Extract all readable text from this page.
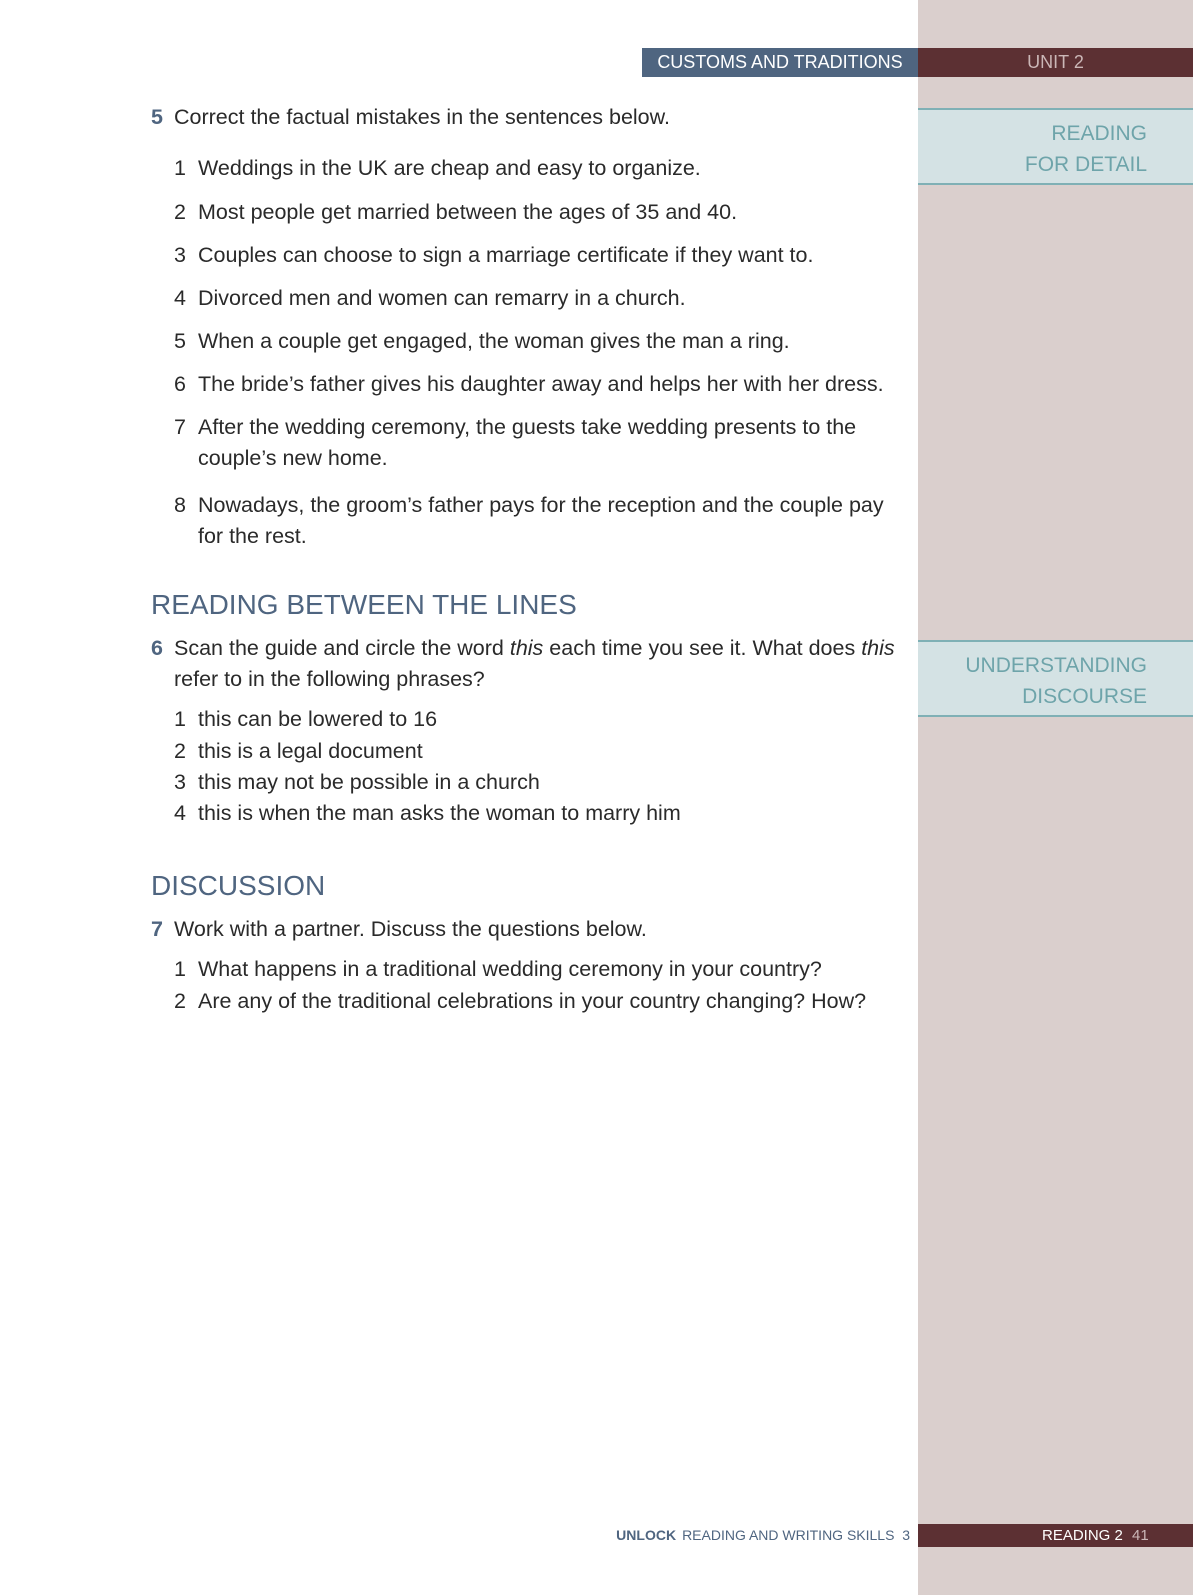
CUSTOMS AND TRADITIONS	UNIT 2
READING
FOR DETAIL
UNDERSTANDING
DISCOURSE
5 Correct the factual mistakes in the sentences below.
1 Weddings in the UK are cheap and easy to organize.
2 Most people get married between the ages of 35 and 40.
3 Couples can choose to sign a marriage certificate if they want to.
4 Divorced men and women can remarry in a church.
5 When a couple get engaged, the woman gives the man a ring.
6 The bride’s father gives his daughter away and helps her with her dress.
7 After the wedding ceremony, the guests take wedding presents to the couple’s new home.
8 Nowadays, the groom’s father pays for the reception and the couple pay for the rest.
READING BETWEEN THE LINES
6 Scan the guide and circle the word this each time you see it. What does this refer to in the following phrases?
1 this can be lowered to 16
2 this is a legal document
3 this may not be possible in a church
4 this is when the man asks the woman to marry him
DISCUSSION
7 Work with a partner. Discuss the questions below.
1 What happens in a traditional wedding ceremony in your country?
2 Are any of the traditional celebrations in your country changing? How?
UNLOCK READING AND WRITING SKILLS  3	READING 2 41
